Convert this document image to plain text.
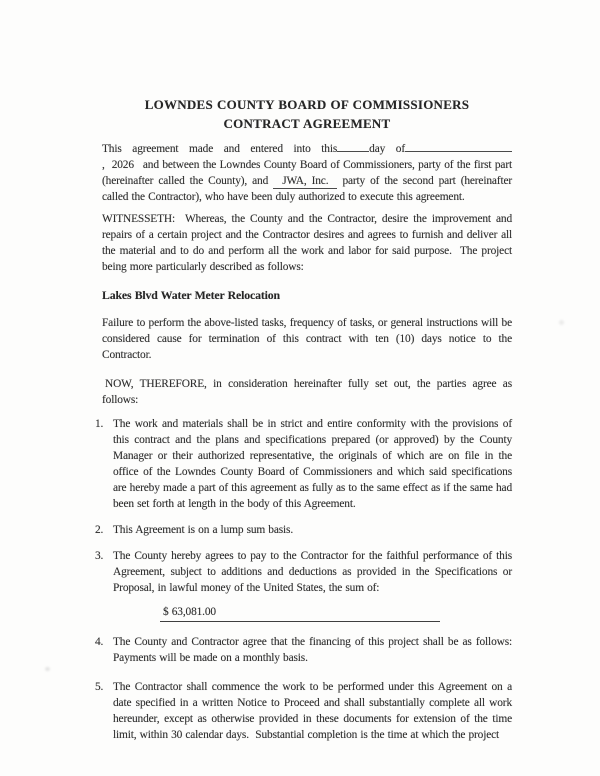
LOWNDES COUNTY BOARD OF COMMISSIONERS
CONTRACT AGREEMENT

This agreement made and entered into this	day of, 2026 and between the Lowndes County Board of Commissioners, party of the first part (hereinafter called the County), and JWA, Inc. party of the second part (hereinafter called the Contractor), who have been duly authorized to execute this agreement.

WITNESSETH:  Whereas, the County and the Contractor, desire the improvement and repairs of a certain project and the Contractor desires and agrees to furnish and deliver all the material and to do and perform all the work and labor for said purpose.  The project being more particularly described as follows:

Lakes Blvd Water Meter Relocation

Failure to perform the above-listed tasks, frequency of tasks, or general instructions will be considered cause for termination of this contract with ten (10) days notice to the Contractor.

NOW, THEREFORE, in consideration hereinafter fully set out, the parties agree as follows:

1. The work and materials shall be in strict and entire conformity with the provisions of this contract and the plans and specifications prepared (or approved) by the County Manager or their authorized representative, the originals of which are on file in the office of the Lowndes County Board of Commissioners and which said specifications are hereby made a part of this agreement as fully as to the same effect as if the same had been set forth at length in the body of this Agreement.
2. This Agreement is on a lump sum basis.
3. The County hereby agrees to pay to the Contractor for the faithful performance of this Agreement, subject to additions and deductions as provided in the Specifications or Proposal, in lawful money of the United States, the sum of:
$ 63,081.00
4. The County and Contractor agree that the financing of this project shall be as follows: Payments will be made on a monthly basis.
5. The Contractor shall commence the work to be performed under this Agreement on a date specified in a written Notice to Proceed and shall substantially complete all work hereunder, except as otherwise provided in these documents for extension of the time limit, within 30 calendar days.  Substantial completion is the time at which the project
